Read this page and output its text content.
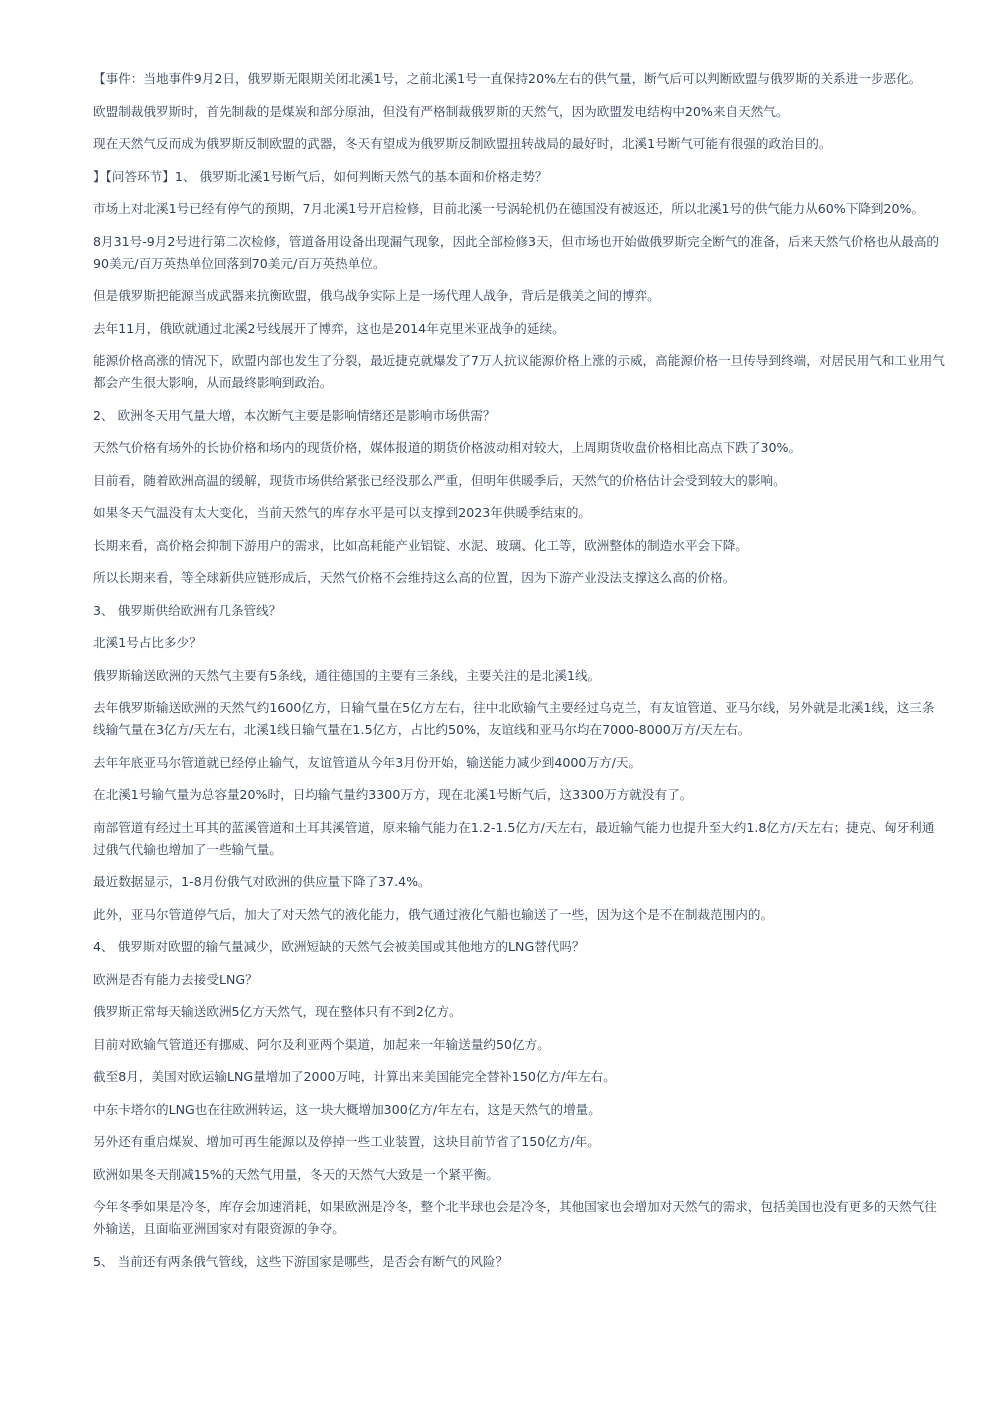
【事件：当地事件9月2日，俄罗斯无限期关闭北溪1号，之前北溪1号一直保持20%左右的供气量，断气后可以判断欧盟与俄罗斯的关系进一步恶化。

欧盟制裁俄罗斯时，首先制裁的是煤炭和部分原油，但没有严格制裁俄罗斯的天然气，因为欧盟发电结构中20%来自天然气。

现在天然气反而成为俄罗斯反制欧盟的武器，冬天有望成为俄罗斯反制欧盟扭转战局的最好时，北溪1号断气可能有很强的政治目的。

】【问答环节】1、 俄罗斯北溪1号断气后，如何判断天然气的基本面和价格走势？

市场上对北溪1号已经有停气的预期，7月北溪1号开启检修，目前北溪一号涡轮机仍在德国没有被返还，所以北溪1号的供气能力从60%下降到20%。

8月31号-9月2号进行第二次检修，管道备用设备出现漏气现象，因此全部检修3天，但市场也开始做俄罗斯完全断气的准备，后来天然气价格也从最高的90美元/百万英热单位回落到70美元/百万英热单位。

但是俄罗斯把能源当成武器来抗衡欧盟，俄乌战争实际上是一场代理人战争，背后是俄美之间的博弈。

去年11月，俄欧就通过北溪2号线展开了博弈，这也是2014年克里米亚战争的延续。

能源价格高涨的情况下，欧盟内部也发生了分裂，最近捷克就爆发了7万人抗议能源价格上涨的示威，高能源价格一旦传导到终端，对居民用气和工业用气都会产生很大影响，从而最终影响到政治。

2、 欧洲冬天用气量大增，本次断气主要是影响情绪还是影响市场供需？

天然气价格有场外的长协价格和场内的现货价格，媒体报道的期货价格波动相对较大，上周期货收盘价格相比高点下跌了30%。

目前看，随着欧洲高温的缓解，现货市场供给紧张已经没那么严重，但明年供暖季后，天然气的价格估计会受到较大的影响。

如果冬天气温没有太大变化，当前天然气的库存水平是可以支撑到2023年供暖季结束的。

长期来看，高价格会抑制下游用户的需求，比如高耗能产业铝锭、水泥、玻璃、化工等，欧洲整体的制造水平会下降。

所以长期来看，等全球新供应链形成后，天然气价格不会维持这么高的位置，因为下游产业没法支撑这么高的价格。

3、 俄罗斯供给欧洲有几条管线？

北溪1号占比多少？

俄罗斯输送欧洲的天然气主要有5条线，通往德国的主要有三条线，主要关注的是北溪1线。

去年俄罗斯输送欧洲的天然气约1600亿方，日输气量在5亿方左右，往中北欧输气主要经过乌克兰，有友谊管道、亚马尔线，另外就是北溪1线，这三条线输气量在3亿方/天左右，北溪1线日输气量在1.5亿方，占比约50%，友谊线和亚马尔均在7000-8000万方/天左右。

去年年底亚马尔管道就已经停止输气，友谊管道从今年3月份开始，输送能力减少到4000万方/天。

在北溪1号输气量为总容量20%时，日均输气量约3300万方，现在北溪1号断气后，这3300万方就没有了。

南部管道有经过土耳其的蓝溪管道和土耳其溪管道，原来输气能力在1.2-1.5亿方/天左右，最近输气能力也提升至大约1.8亿方/天左右；捷克、匈牙利通过俄气代输也增加了一些输气量。

最近数据显示，1-8月份俄气对欧洲的供应量下降了37.4%。

此外，亚马尔管道停气后，加大了对天然气的液化能力，俄气通过液化气船也输送了一些，因为这个是不在制裁范围内的。

4、 俄罗斯对欧盟的输气量减少，欧洲短缺的天然气会被美国或其他地方的LNG替代吗？

欧洲是否有能力去接受LNG？

俄罗斯正常每天输送欧洲5亿方天然气，现在整体只有不到2亿方。

目前对欧输气管道还有挪威、阿尔及利亚两个渠道，加起来一年输送量约50亿方。

截至8月，美国对欧运输LNG量增加了2000万吨，计算出来美国能完全替补150亿方/年左右。

中东卡塔尔的LNG也在往欧洲转运，这一块大概增加300亿方/年左右，这是天然气的增量。

另外还有重启煤炭、增加可再生能源以及停掉一些工业装置，这块目前节省了150亿方/年。

欧洲如果冬天削减15%的天然气用量，冬天的天然气大致是一个紧平衡。

今年冬季如果是冷冬，库存会加速消耗，如果欧洲是冷冬，整个北半球也会是冷冬，其他国家也会增加对天然气的需求，包括美国也没有更多的天然气往外输送，且面临亚洲国家对有限资源的争夺。

5、 当前还有两条俄气管线，这些下游国家是哪些，是否会有断气的风险？
